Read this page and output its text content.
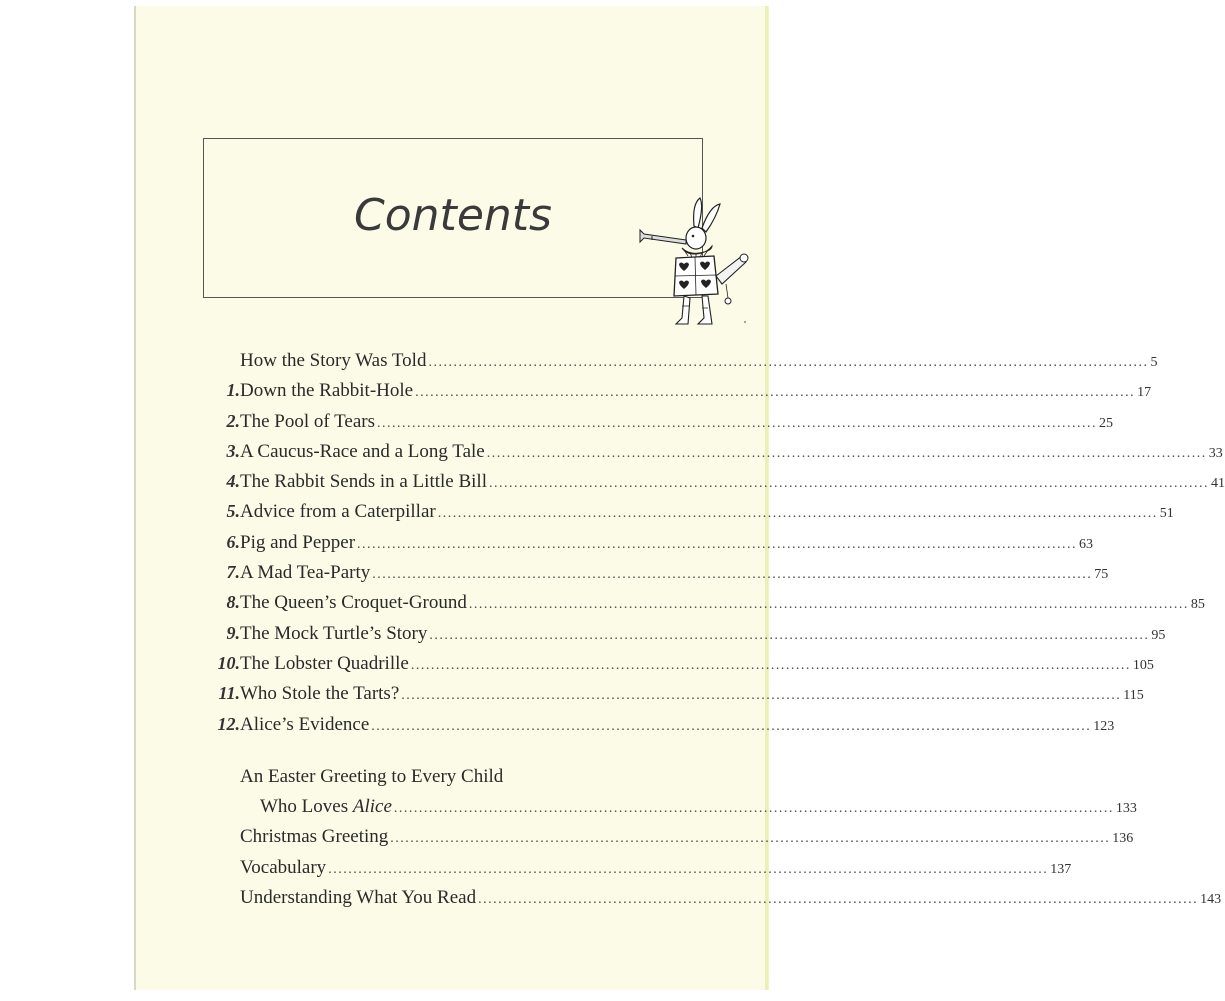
Contents
How the Story Was Told ................................................................................................................................................ 5
1. Down the Rabbit-Hole ................................................................................................................................................ 17
2. The Pool of Tears ................................................................................................................................................ 25
3. A Caucus-Race and a Long Tale ................................................................................................................................................ 33
4. The Rabbit Sends in a Little Bill ................................................................................................................................................ 41
5. Advice from a Caterpillar ................................................................................................................................................ 51
6. Pig and Pepper ................................................................................................................................................ 63
7. A Mad Tea-Party ................................................................................................................................................ 75
8. The Queen’s Croquet-Ground ................................................................................................................................................ 85
9. The Mock Turtle’s Story ................................................................................................................................................ 95
10. The Lobster Quadrille ................................................................................................................................................ 105
11. Who Stole the Tarts? ................................................................................................................................................ 115
12. Alice’s Evidence ................................................................................................................................................ 123
An Easter Greeting to Every Child
Who Loves Alice ................................................................................................................................................ 133
Christmas Greeting ................................................................................................................................................ 136
Vocabulary ................................................................................................................................................ 137
Understanding What You Read ................................................................................................................................................ 143
